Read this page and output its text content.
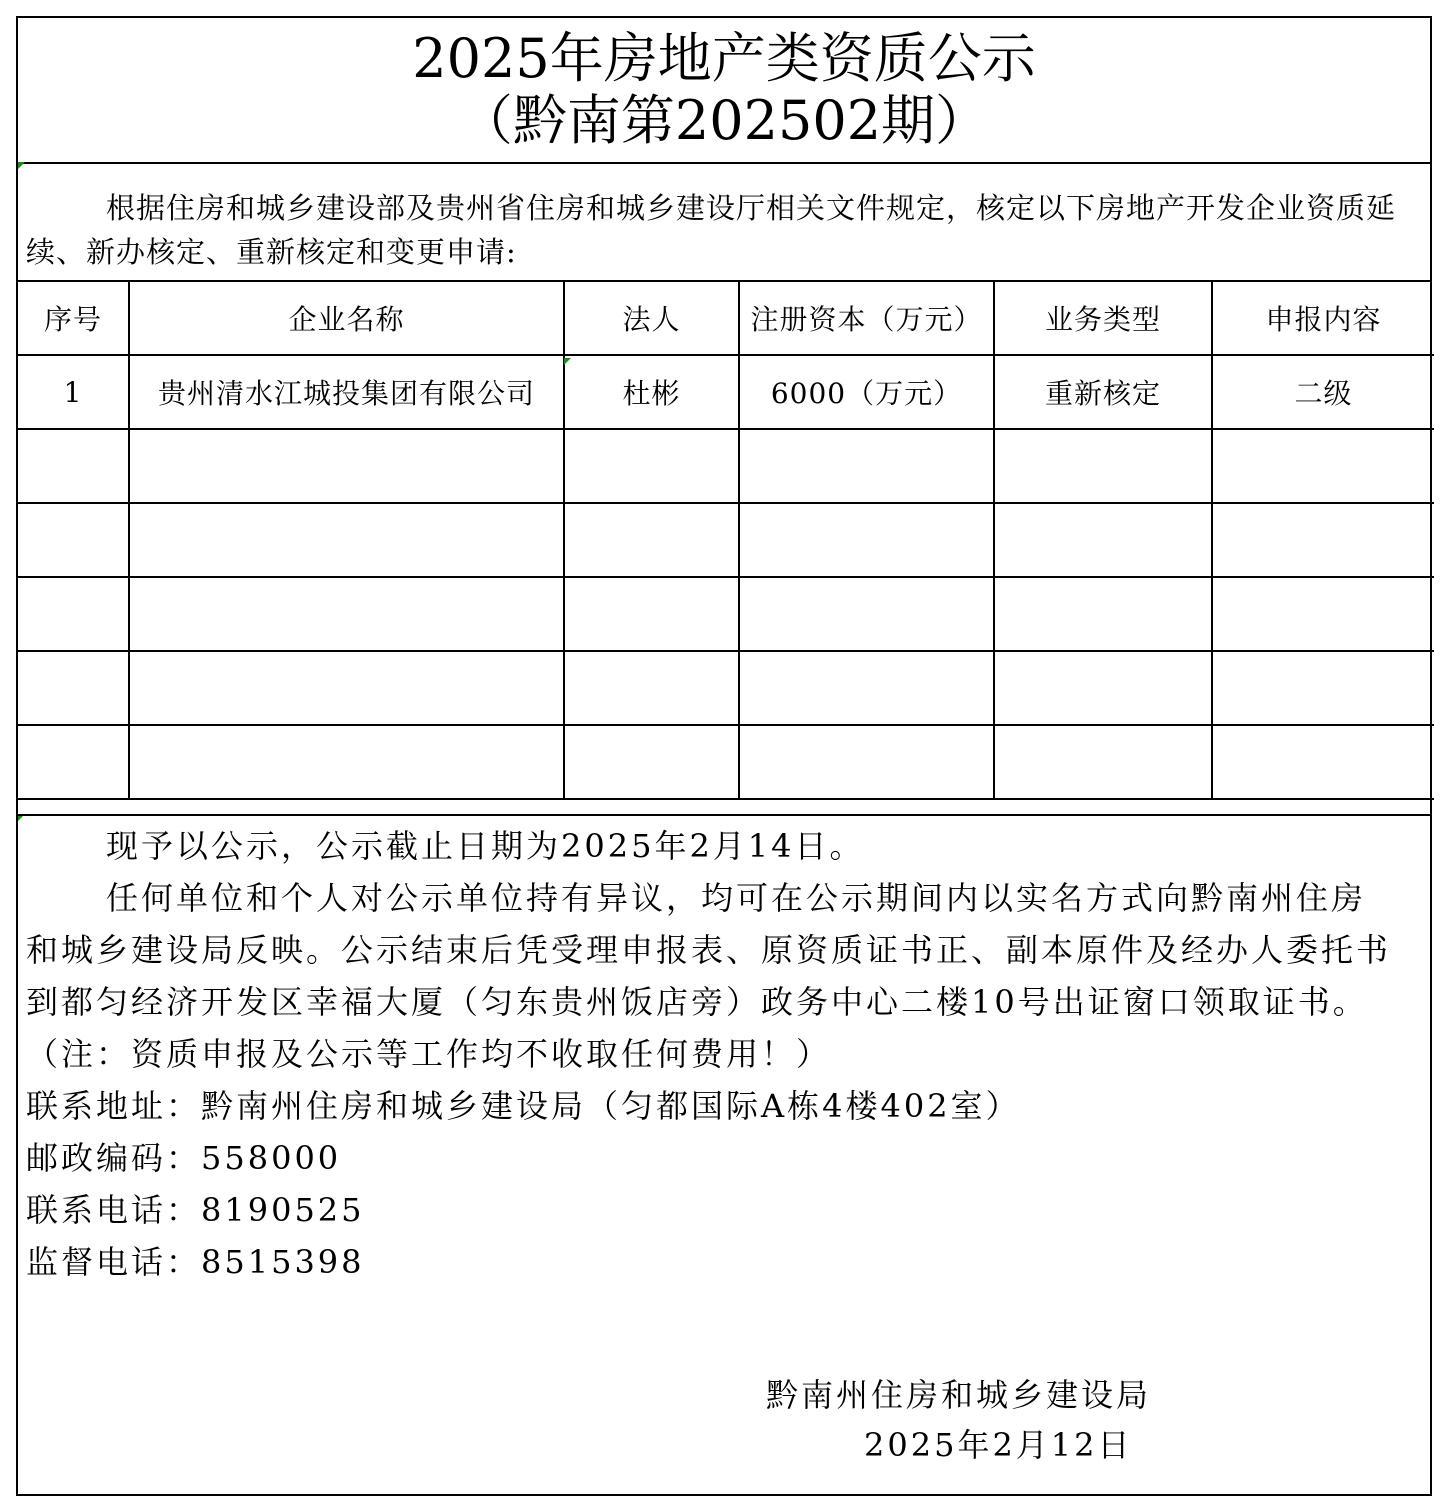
2025年房地产类资质公示
（黔南第202502期）
根据住房和城乡建设部及贵州省住房和城乡建设厅相关文件规定，核定以下房地产开发企业资质延续、新办核定、重新核定和变更申请:
序号	企业名称	法人	注册资本（万元）	业务类型	申报内容
1	贵州清水江城投集团有限公司	杜彬	6000（万元）	重新核定	二级

现予以公示，公示截止日期为2025年2月14日。

任何单位和个人对公示单位持有异议，均可在公示期间内以实名方式向黔南州住房和城乡建设局反映。公示结束后凭受理申报表、原资质证书正、副本原件及经办人委托书到都匀经济开发区幸福大厦（匀东贵州饭店旁）政务中心二楼10号出证窗口领取证书。

（注：资质申报及公示等工作均不收取任何费用！）

联系地址：黔南州住房和城乡建设局（匀都国际A栋4楼402室）

邮政编码：558000

联系电话：8190525

监督电话：8515398

黔南州住房和城乡建设局
2025年2月12日
